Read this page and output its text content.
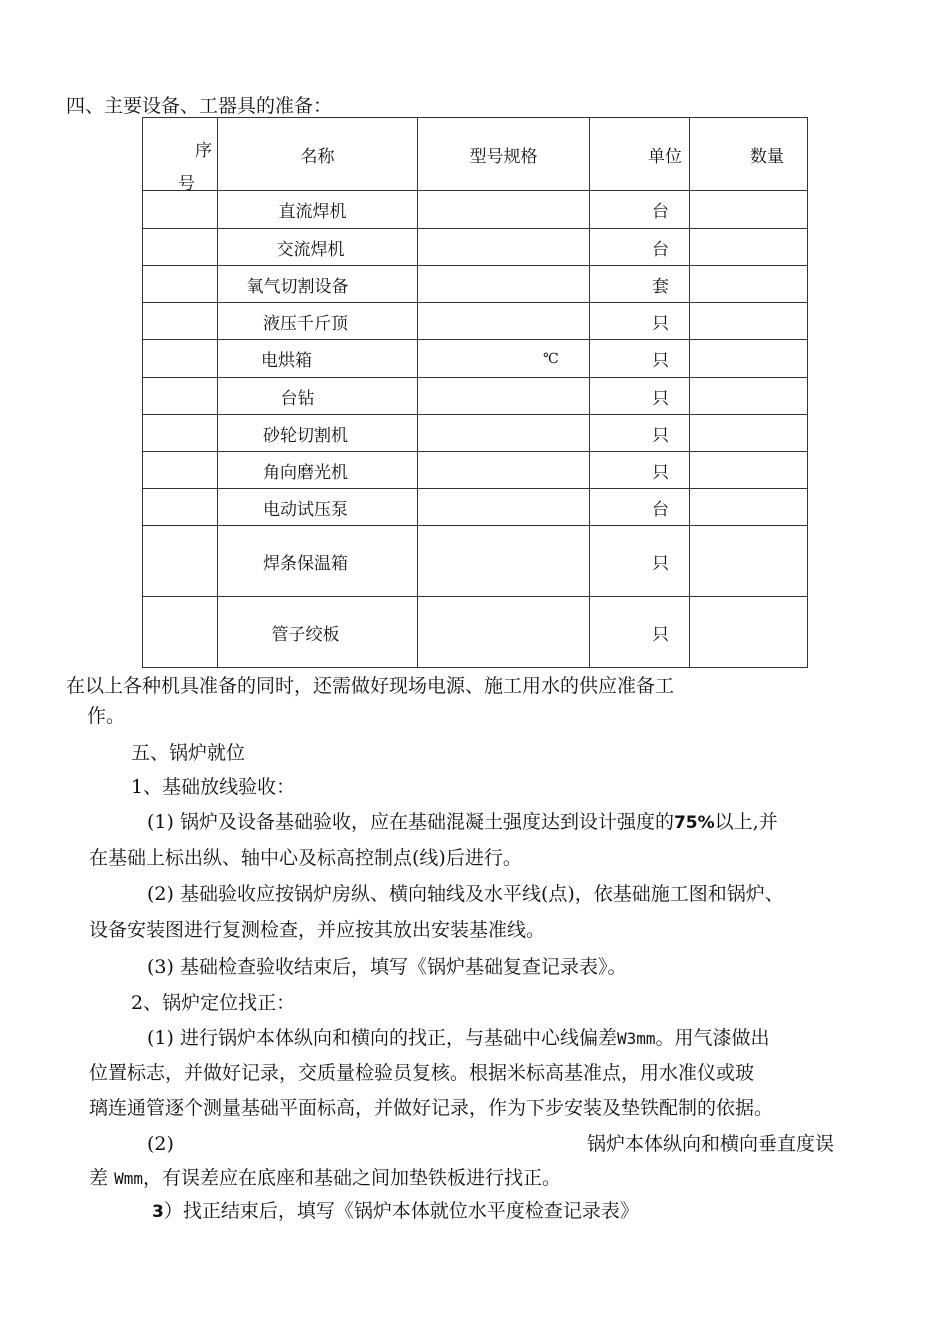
四、主要设备、工器具的准备：
序
号	名称	型号规格	单位	数量
	直流焊机		台	
	交流焊机		台	
	氧气切割设备		套	
	液压千斤顶		只	
	电烘箱	℃	只	
	台钻		只	
	砂轮切割机		只	
	角向磨光机		只	
	电动试压泵		台	
	焊条保温箱		只	
	管子绞板		只	
在以上各种机具准备的同时，还需做好现场电源、施工用水的供应准备工
作。
五、锅炉就位
1、基础放线验收：
(1) 锅炉及设备基础验收，应在基础混凝土强度达到设计强度的75%以上,并
在基础上标出纵、轴中心及标高控制点(线)后进行。
(2) 基础验收应按锅炉房纵、横向轴线及水平线(点)，依基础施工图和锅炉、
设备安装图进行复测检查，并应按其放出安装基准线。
(3) 基础检查验收结束后，填写《锅炉基础复查记录表》。
2、锅炉定位找正：
(1) 进行锅炉本体纵向和横向的找正，与基础中心线偏差W3mm。用气漆做出
位置标志，并做好记录，交质量检验员复核。根据米标高基准点，用水准仪或玻
璃连通管逐个测量基础平面标高，并做好记录，作为下步安装及垫铁配制的依据。
(2)	锅炉本体纵向和横向垂直度误
差 Wmm，有误差应在底座和基础之间加垫铁板进行找正。
3）找正结束后，填写《锅炉本体就位水平度检查记录表》
